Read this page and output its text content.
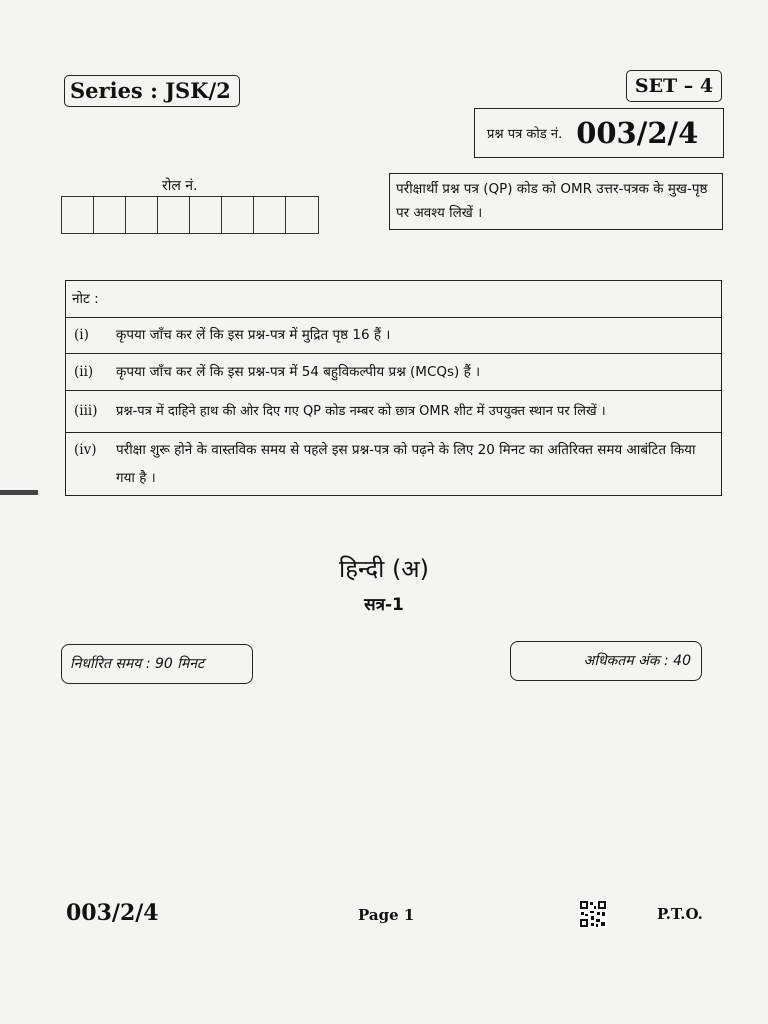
Series : JSK/2	SET – 4
प्रश्न पत्र कोड नं. 003/2/4
रोल नं.	परीक्षार्थी प्रश्न पत्र (QP) कोड को OMR उत्तर-पत्रक के मुख-पृष्ठ पर अवश्य लिखें ।
नोट :
(i)	कृपया जाँच कर लें कि इस प्रश्न-पत्र में मुद्रित पृष्ठ 16 हैं ।
(ii)	कृपया जाँच कर लें कि इस प्रश्न-पत्र में 54 बहुविकल्पीय प्रश्न (MCQs) हैं ।
(iii)	प्रश्न-पत्र में दाहिने हाथ की ओर दिए गए QP कोड नम्बर को छात्र OMR शीट में उपयुक्त स्थान पर लिखें ।
(iv)	परीक्षा शुरू होने के वास्तविक समय से पहले इस प्रश्न-पत्र को पढ़ने के लिए 20 मिनट का अतिरिक्त समय आबंटित किया गया है ।
हिन्दी (अ)
सत्र-1
निर्धारित समय : 90 मिनट	अधिकतम अंक : 40
003/2/4	Page 1	P.T.O.
